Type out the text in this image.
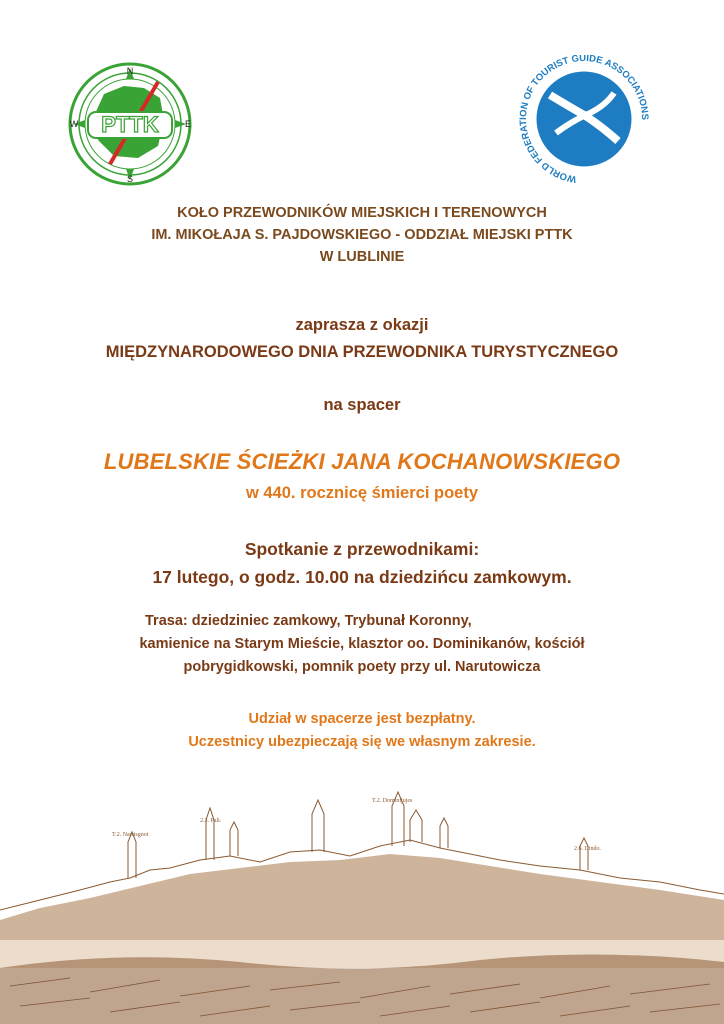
N
S
E
W PTTK
WORLD FEDERATION OF TOURIST GUIDE ASSOCIATIONS
KOŁO PRZEWODNIKÓW MIEJSKICH I TERENOWYCH
IM. MIKOŁAJA S. PAJDOWSKIEGO - ODDZIAŁ MIEJSKI PTTK
W LUBLINIE
zaprasza z okazji
MIĘDZYNARODOWEGO DNIA PRZEWODNIKA TURYSTYCZNEGO
na spacer
LUBELSKIE ŚCIEŻKI JANA KOCHANOWSKIEGO
w 440. rocznicę śmierci poety
Spotkanie z przewodnikami:
17 lutego, o godz. 10.00 na dziedzińcu zamkowym.
Trasa: dziedziniec zamkowy, Trybunał Koronny,
kamienice na Starym Mieście, klasztor oo. Dominikanów, kościół
pobrygidkowski, pomnik poety przy ul. Narutowicza
Udział w spacerze jest bezpłatny.
Uczestnicy ubezpieczają się we własnym zakresie.
T.2. Narrisgnot
2.3. Pali.
T.2. Dominijujes
2.6. Dindo.
